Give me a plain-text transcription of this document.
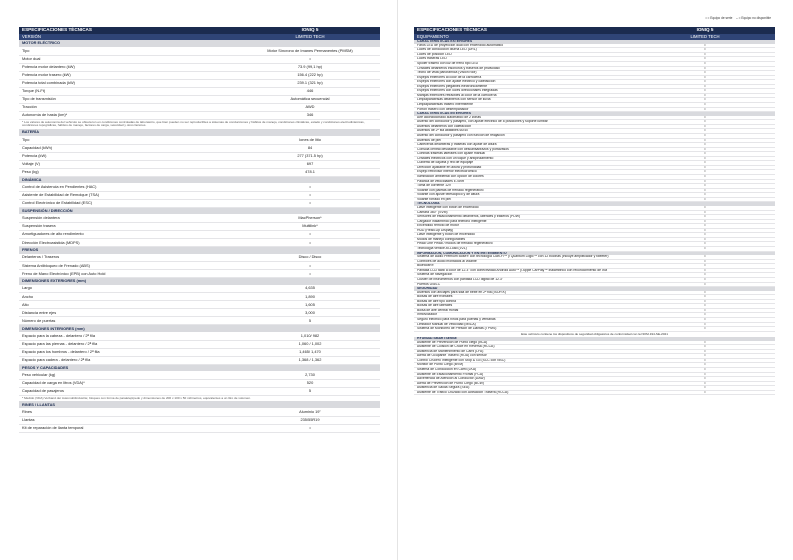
ESPECIFICACIONES TÉCNICAS	IONIQ 5
VERSIÓN	LIMITED TECH
MOTOR ELÉCTRICO	
Tipo	Motor Síncrono de Imanes Permanentes (PMSM)
Motor dual	•
Potencia motor delantero (kW)	73.9 (99,1 hp)
Potencia motor trasero (kW)	156.4 (222 hp)
Potencia total combinada (kW)	239.1 (321 hp)
Torque (N-Ft)	446
Tipo de transmisión	Automática secuencial
Tracción	AWD
Autonomía de hasta (km)*	346
* Los valores de autonomía del vehículo se obtuvieron en condiciones controladas de laboratorio, que bien pueden no ser reproducibles a sistemas de conducciones y hábitos de manejo, condiciones climáticas, estado y condiciones electrodinámicas, condiciones topográficas, hábitos de manejo, factores de carga, velocidad y otros factores.	
BATERÍA	
Tipo	Iones de litio
Capacidad (kWh)	84
Potencia (kW)	277 (371.5 hp)
Voltaje (V)	697
Peso (kg)	478.1
DINÁMICA	
Control de Asistencia en Pendientes (HAC)	•
Asistente de Estabilidad de Remolque (TSA)	•
Control Electrónico de Estabilidad (ESC)	•
SUSPENSIÓN / DIRECCIÓN	
Suspensión delantera	MacPherson*
Suspensión trasera	Multilink*
Amortiguadores de alto rendimiento	•
Dirección Electroasistida (MDPS)	•
FRENOS	
Delanteros / Traseros	Disco / Disco
Sistema Antibloqueo de Frenado (ABS)	•
Freno de Mano Electrónico (EPB) con Auto Hold	•
DIMENSIONES EXTERIORES (mm)	
Largo	4,635
Ancho	1,890
Alto	1,605
Distancia entre ejes	3,000
Número de puertas	5
DIMENSIONES INTERIORES (mm)	
Espacio para la cabeza - delantero / 2ª fila	1,010/ 982
Espacio para las piernas - delantero / 2ª fila	1,060 / 1,002
Espacio para los hombros - delantero / 2ª fila	1,465/ 1,470
Espacio para cadera - delantero / 2ª fila	1,368 / 1,362
PESOS Y CAPACIDADES	
Peso vehicular (kg)	2,730
Capacidad de carga en litros (VDA)*	520
Capacidad de pasajeros	5
* Medido (VDA) Verband der Automobilindustrie; bloques con forma de paralelepípedo y dimensiones de 200 x 100 x 50 milímetros, equivalentes a un litro de volumen.	
RINES / LLANTAS	
Rines	Aluminio 19"
Llantas	235/55R19
Kit de reparación de llanta temporal	•
• = Equipo de serie – = Equipo no disponible
ESPECIFICACIONES TÉCNICAS	IONIQ 5
EQUIPAMIENTO	LIMITED TECH
CARACTERÍSTICAS EXTERIORES	
Faros LED de proyección dual con encendido automático	•
Luces de conducción diurna LED (DRL)	•
Luces de posición LED	•
Luces traseras LED	•
Spoiler trasero con luz de freno tipo LED	•
Cristales delanteros insonoros y traseros de privacidad	•
Techo de vista panorámica (Vision roof)	•
Espejos exteriores al color de la carrocería	•
Espejos exteriores con ajuste eléctrico y calefacción	•
Espejos exteriores plegables electrónicamente	•
Espejos exteriores con luces direccionales integradas	•
Manijas exteriores retráctiles al color de la carrocería	•
Limpiaparabrisas delanteros con sensor de lluvia	•
Limpiaparabrisas trasero intermitente	•
Portón trasero con desempañador	•
CARACTERÍSTICAS INTERIORES	
Aire acondicionado automático de 2 zonas	•
Asiento del conductor y pasajero, con ajuste eléctrico de 8 posiciones y soporte lumbar	•
Asientos delanteros con calefacción	•
Asientos de 2ª fila abatibles 60/40	•
Asiento del conductor y pasajero con función de relajación	•
Asientos de piel	•
Cabeceras delanteras y traseras con ajuste de altura	•
Consola central deslizable con descansabrazos y portavasos	•
Cortinas traseras laterales con ajuste manual	•
Cristales eléctricos con un toque y antipinzamiento	•
Cubierta de cajuela y red de equipaje	•
Dirección ajustable en altura y profundidad	•
Espejo retrovisor interior electrocrómico	•
Iluminación ambiental con opción de colores	•
Palanca de velocidades E-Shift	•
Toma de corriente 12V	•
Volante con paletas de frenado regenerativo	•
Volante con ajuste telescópico y de altura	•
Volante forrado en piel	•
TECNOLOGÍA	
Llave inteligente con botón de encendido	•
Cámara 360° (SVM)	•
Sensores de estacionamiento delanteros, laterales y traseros (PDW)	•
Cargador inalámbrico para teléfono inteligente	•
Encendido remoto de motor	•
HUD (Head-Up Display)	•
Llave inteligente y botón de encendido	•
Modos de manejo configurables	•
Pedal One Pedal / modos de frenado regenerativo	•
Tecnología vehicle-to-Load (V2L)	•
INFORMACIÓN, COMUNICACIÓN Y ENTRETENIMIENTO	
Sistema de audio Premium Bose® con tecnología Clari-Fi™ y Quantum Logic™ con 12 bocinas (incluye amplificador y tweeter)	•
Controles de audio montados al volante	•
Bluetooth®	•
Pantalla LCD táctil a color de 12.3" con conectividad Android Auto™ y Apple CarPlay™ inalámbrico con reconocimiento de voz	•
Sistema de navegación	•
Clúster de instrumentos con pantalla LCD digital de 12.3"	•
Puertos USB-C	•
SEGURIDAD	
Asientos con anclajes para silla de bebé en 2ª fila (ISOFIX)	•
Bolsas de aire frontales	•
Bolsas de aire tipo cortina	•
Bolsas de aire laterales	•
Bolsa de aire central frontal	•
Inmovilizador	•
Seguro eléctrico para niños para puertas y ventanas	•
Limitador Manual de Velocidad (MSLA)	•
Sistema de Monitoreo de Presión de Llantas (TPMS)	•
Este vehículo contiene los dispositivos de seguridad obligatorios de conformidad con la NOM-194-SE-2021	
HYUNDAI SMARTSENSE	
Asistente de Prevención de Punto ciego (BCA)	•
Asistente de Colisión de Cruce en Reversa (RCCA)	•
Asistencia de Mantenimiento de Carril (LFA)	•
Alerta de Ocupante Trasero (ROA) con sensor	•
Control Crucero Inteligente con Stop & Go (SCC con NSC)	•
Monitor de Punto Ciego (BVM)	•
Sistema de Conducción en Carril (LKA)	•
Asistente de Estacionamiento Frontal (FCA)	•
Advertencia de Atención al Conductor (DAW)	•
Alerta de Prevención de Punto Ciego (BCW)	•
Asistencia de Salida Segura (SEA)	•
Asistente de Tráfico Cruzado con Activación Trasera (RCCA)	•
